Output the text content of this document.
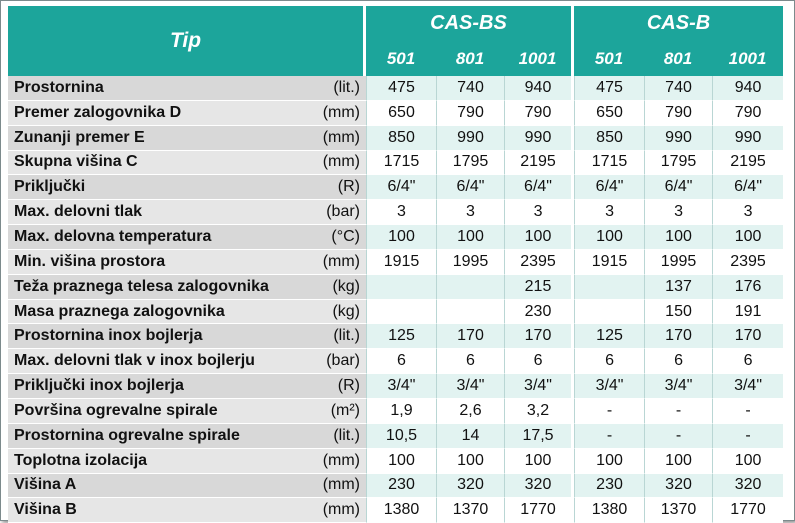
Tip		CAS-BS			CAS-B		
		501	801	1001	501	801	1001
Prostornina	(lit.)	475	740	940	475	740	940
Premer zalogovnika D	(mm)	650	790	790	650	790	790
Zunanji premer E	(mm)	850	990	990	850	990	990
Skupna višina C	(mm)	1715	1795	2195	1715	1795	2195
Priključki	(R)	6/4"	6/4"	6/4"	6/4"	6/4"	6/4"
Max. delovni tlak	(bar)	3	3	3	3	3	3
Max. delovna temperatura	(°C)	100	100	100	100	100	100
Min. višina prostora	(mm)	1915	1995	2395	1915	1995	2395
Teža praznega telesa zalogovnika	(kg)			215		137	176
Masa praznega zalogovnika	(kg)			230		150	191
Prostornina inox bojlerja	(lit.)	125	170	170	125	170	170
Max. delovni tlak v inox bojlerju	(bar)	6	6	6	6	6	6
Priključki inox bojlerja	(R)	3/4"	3/4"	3/4"	3/4"	3/4"	3/4"
Površina ogrevalne spirale	(m²)	1,9	2,6	3,2	-	-	-
Prostornina ogrevalne spirale	(lit.)	10,5	14	17,5	-	-	-
Toplotna izolacija	(mm)	100	100	100	100	100	100
Višina A	(mm)	230	320	320	230	320	320
Višina B	(mm)	1380	1370	1770	1380	1370	1770
